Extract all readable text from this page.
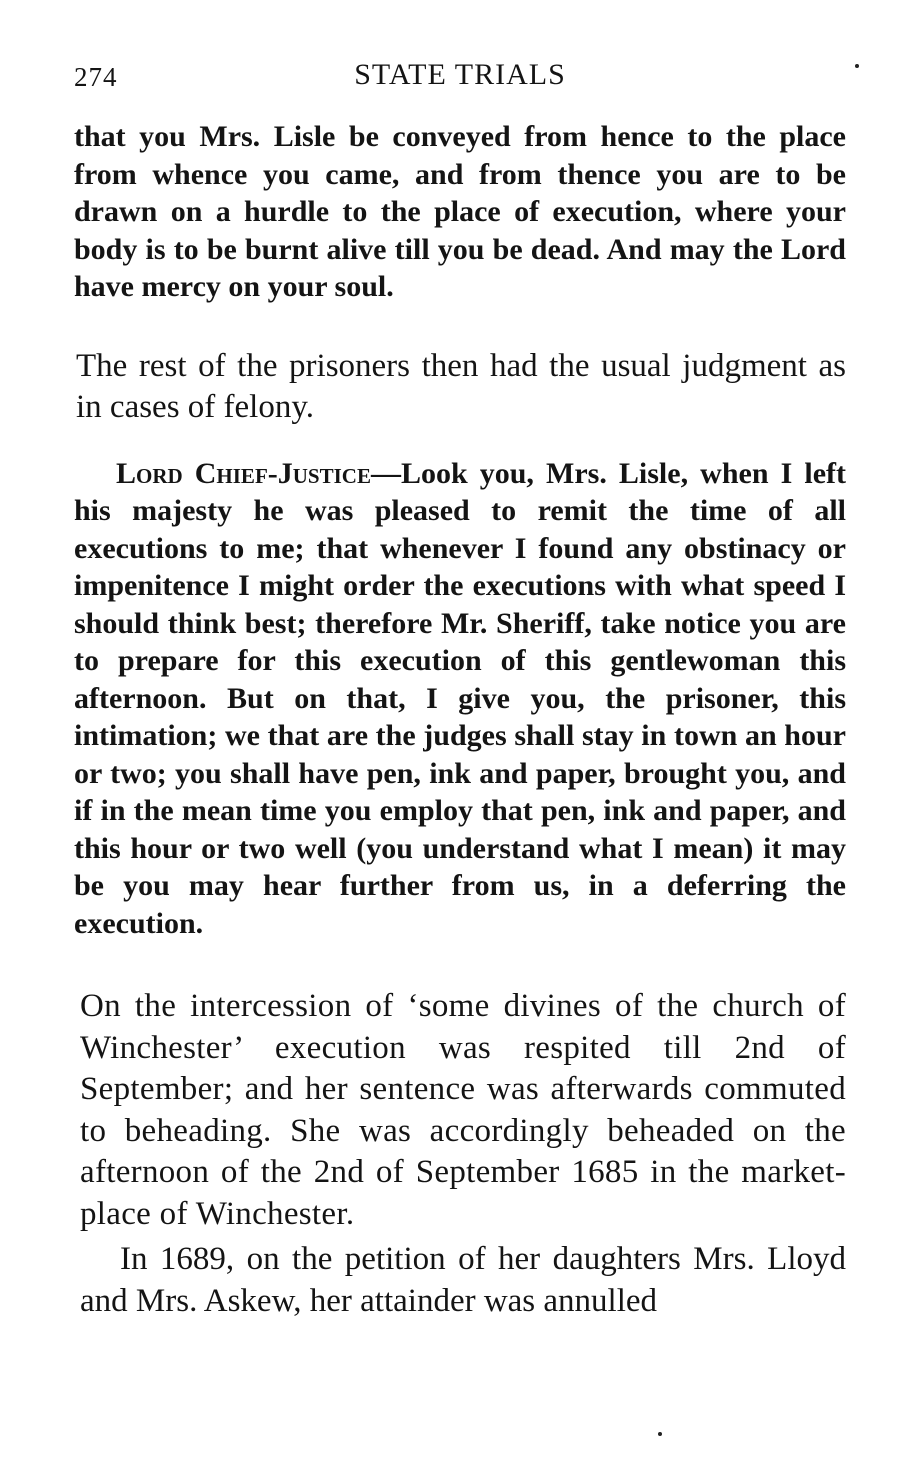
274	STATE TRIALS

that you Mrs. Lisle be conveyed from hence to the place from whence you came, and from thence you are to be drawn on a hurdle to the place of execution, where your body is to be burnt alive till you be dead. And may the Lord have mercy on your soul.

The rest of the prisoners then had the usual judgment as in cases of felony.

Lord Chief-Justice—Look you, Mrs. Lisle, when I left his majesty he was pleased to remit the time of all executions to me; that whenever I found any obstinacy or impenitence I might order the executions with what speed I should think best; therefore Mr. Sheriff, take notice you are to prepare for this execution of this gentlewoman this afternoon. But on that, I give you, the prisoner, this intimation; we that are the judges shall stay in town an hour or two; you shall have pen, ink and paper, brought you, and if in the mean time you employ that pen, ink and paper, and this hour or two well (you understand what I mean) it may be you may hear further from us, in a deferring the execution.

On the intercession of ‘some divines of the church of Winchester’ execution was respited till 2nd of September; and her sentence was afterwards commuted to beheading. She was accordingly beheaded on the afternoon of the 2nd of September 1685 in the market-place of Winchester.

In 1689, on the petition of her daughters Mrs. Lloyd and Mrs. Askew, her attainder was annulled
